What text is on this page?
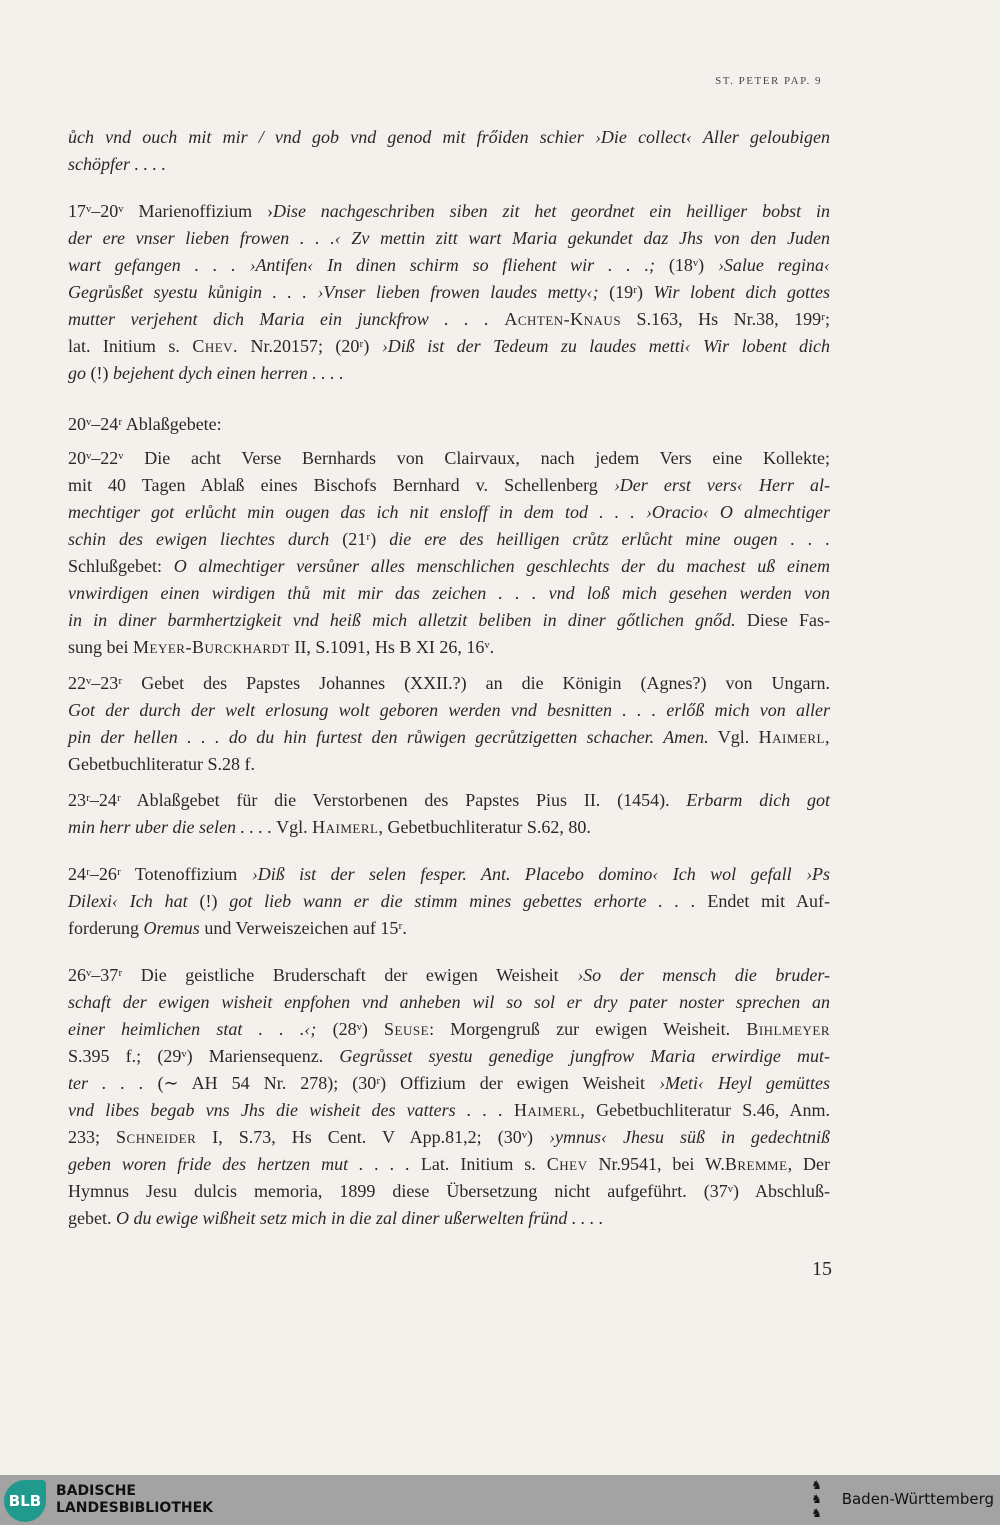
ST. PETER PAP. 9
ůch vnd ouch mit mir / vnd gob vnd genod mit frőiden schier ›Die collect‹ Aller geloubigen
schöpfer . . . .
17ᵛ–20ᵛ Marienoffizium ›Dise nachgeschriben siben zit het geordnet ein heilliger bobst in
der ere vnser lieben frowen . . .‹ Zv mettin zitt wart Maria gekundet daz Jhs von den Juden
wart gefangen . . . ›Antifen‹ In dinen schirm so fliehent wir . . .; (18ᵛ) ›Salue regina‹
Gegrůsßet syestu kůnigin . . . ›Vnser lieben frowen laudes metty‹; (19ʳ) Wir lobent dich gottes
mutter verjehent dich Maria ein junckfrow . . . Achten-Knaus S.163, Hs Nr.38, 199ʳ;
lat. Initium s. Chev. Nr.20157; (20ʳ) ›Diß ist der Tedeum zu laudes metti‹ Wir lobent dich
go (!) bejehent dych einen herren . . . .
20ᵛ–24ʳ Ablaßgebete:
20ᵛ–22ᵛ Die acht Verse Bernhards von Clairvaux, nach jedem Vers eine Kollekte;
mit 40 Tagen Ablaß eines Bischofs Bernhard v. Schellenberg ›Der erst vers‹ Herr al-
mechtiger got erlůcht min ougen das ich nit ensloff in dem tod . . . ›Oracio‹ O almechtiger
schin des ewigen liechtes durch (21ʳ) die ere des heilligen crůtz erlůcht mine ougen . . .
Schlußgebet: O almechtiger versůner alles menschlichen geschlechts der du machest uß einem
vnwirdigen einen wirdigen thů mit mir das zeichen . . . vnd loß mich gesehen werden von
in in diner barmhertzigkeit vnd heiß mich alletzit beliben in diner gőtlichen gnőd. Diese Fas-
sung bei Meyer-Burckhardt II, S.1091, Hs B XI 26, 16ᵛ.
22ᵛ–23ʳ Gebet des Papstes Johannes (XXII.?) an die Königin (Agnes?) von Ungarn.
Got der durch der welt erlosung wolt geboren werden vnd besnitten . . . erlőß mich von aller
pin der hellen . . . do du hin furtest den růwigen gecrůtzigetten schacher. Amen. Vgl. Haimerl,
Gebetbuchliteratur S.28 f.
23ʳ–24ʳ Ablaßgebet für die Verstorbenen des Papstes Pius II. (1454). Erbarm dich got
min herr uber die selen . . . . Vgl. Haimerl, Gebetbuchliteratur S.62, 80.
24ʳ–26ʳ Totenoffizium ›Diß ist der selen fesper. Ant. Placebo domino‹ Ich wol gefall ›Ps
Dilexi‹ Ich hat (!) got lieb wann er die stimm mines gebettes erhorte . . . Endet mit Auf-
forderung Oremus und Verweiszeichen auf 15ʳ.
26ᵛ–37ʳ Die geistliche Bruderschaft der ewigen Weisheit ›So der mensch die bruder-
schaft der ewigen wisheit enpfohen vnd anheben wil so sol er dry pater noster sprechen an
einer heimlichen stat . . .‹; (28ᵛ) Seuse: Morgengruß zur ewigen Weisheit. Bihlmeyer
S.395 f.; (29ᵛ) Mariensequenz. Gegrůsset syestu genedige jungfrow Maria erwirdige mut-
ter . . . (∼ AH 54 Nr. 278); (30ʳ) Offizium der ewigen Weisheit ›Meti‹ Heyl gemüttes
vnd libes begab vns Jhs die wisheit des vatters . . . Haimerl, Gebetbuchliteratur S.46, Anm.
233; Schneider I, S.73, Hs Cent. V App.81,2; (30ᵛ) ›ymnus‹ Jhesu süß in gedechtniß
geben woren fride des hertzen mut . . . . Lat. Initium s. Chev Nr.9541, bei W.Bremme, Der
Hymnus Jesu dulcis memoria, 1899 diese Übersetzung nicht aufgeführt. (37ᵛ) Abschluß-
gebet. O du ewige wißheit setz mich in die zal diner ußerwelten fründ . . . .
15
BLB
BADISCHE
LANDESBIBLIOTHEK
♞
♞
♞
Baden-Württemberg
